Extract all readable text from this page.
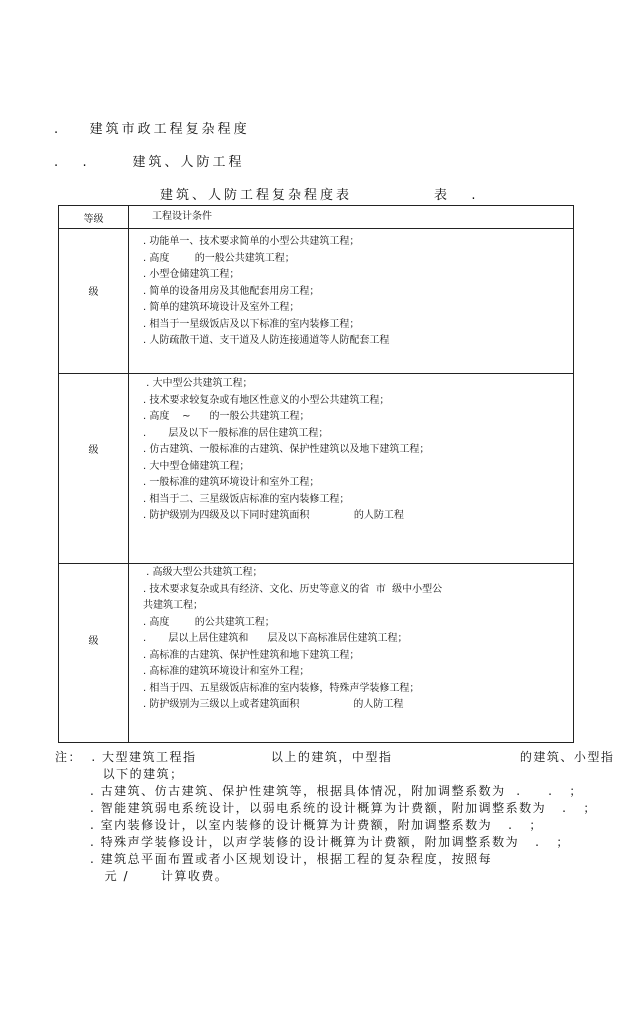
.    建筑市政工程复杂程度
.   .      建筑、人防工程
建筑、人防工程复杂程度表	表   .
等级	工程设计条件
级
. 功能单一、技术要求简单的小型公共建筑工程；
. 高度        的一般公共建筑工程；
. 小型仓储建筑工程；
. 简单的设备用房及其他配套用房工程；
. 简单的建筑环境设计及室外工程；
. 相当于一星级饭店及以下标准的室内装修工程；
. 人防疏散干道、支干道及人防连接通道等人防配套工程
级
. 大中型公共建筑工程；
. 技术要求较复杂或有地区性意义的小型公共建筑工程；
. 高度    ~      的一般公共建筑工程；
.       层及以下一般标准的居住建筑工程；
. 仿古建筑、一般标准的古建筑、保护性建筑以及地下建筑工程；
. 大中型仓储建筑工程；
. 一般标准的建筑环境设计和室外工程；
. 相当于二、三星级饭店标准的室内装修工程；
. 防护级别为四级及以下同时建筑面积              的人防工程
级
. 高级大型公共建筑工程；
. 技术要求复杂或具有经济、文化、历史等意义的省  市  级中小型公
共建筑工程；
. 高度        的公共建筑工程；
.       层以上居住建筑和      层及以下高标准居住建筑工程；
. 高标准的古建筑、保护性建筑和地下建筑工程；
. 高标准的建筑环境设计和室外工程；
. 相当于四、五星级饭店标准的室内装修，特殊声学装修工程；
. 防护级别为三级以上或者建筑面积                 的人防工程
注： . 大型建筑工程指              以上的建筑，中型指                        的建筑、小型指
以下的建筑；
. 古建筑、仿古建筑、保护性建筑等，根据具体情况，附加调整系数为  .     .   ；
. 智能建筑弱电系统设计，以弱电系统的设计概算为计费额，附加调整系数为   .   ；
. 室内装修设计，以室内装修的设计概算为计费额，附加调整系数为   .   ；
. 特殊声学装修设计，以声学装修的设计概算为计费额，附加调整系数为   .   ；
. 建筑总平面布置或者小区规划设计，根据工程的复杂程度，按照每
元 /      计算收费。
